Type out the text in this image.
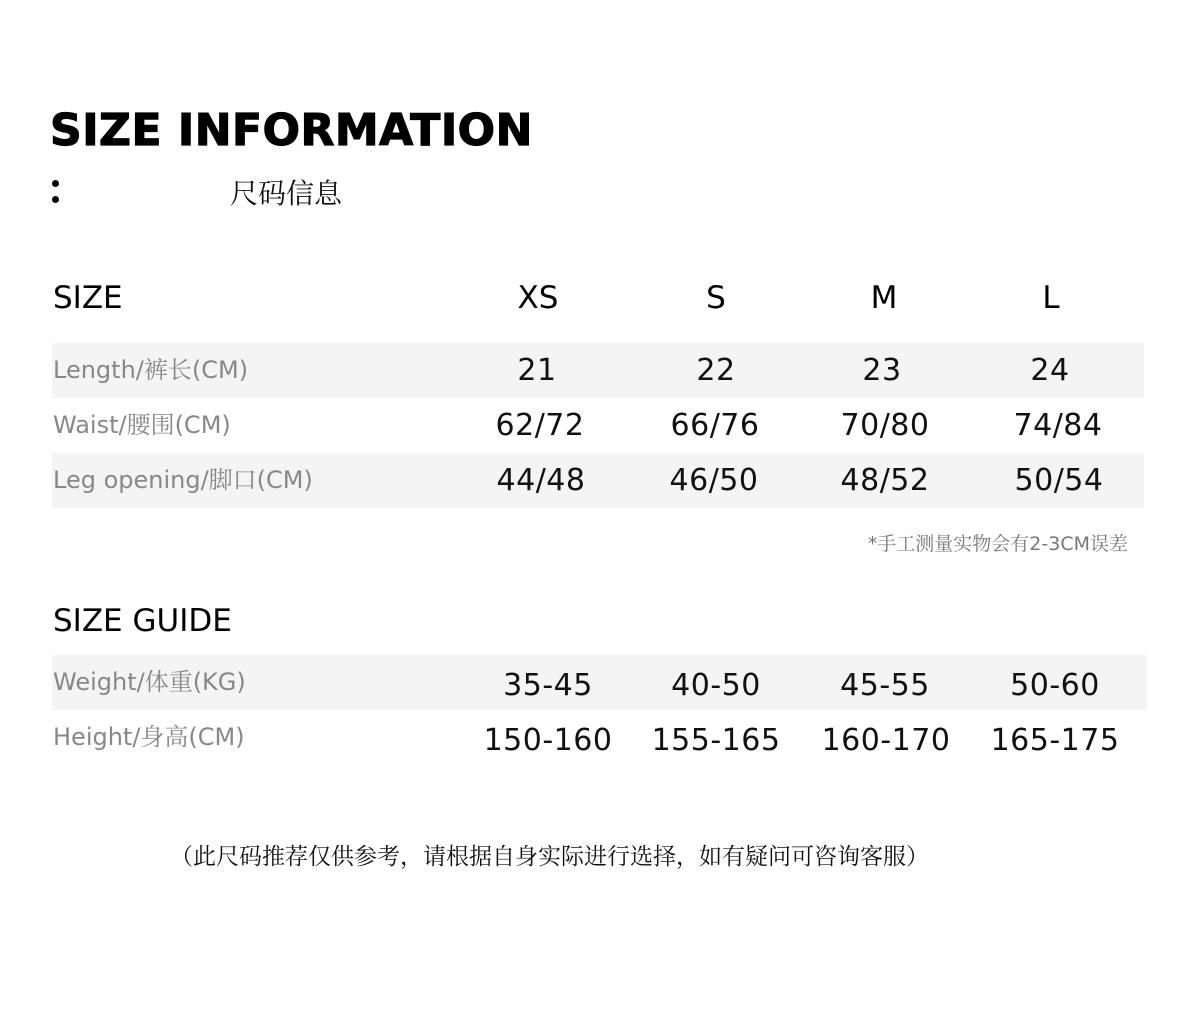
SIZE INFORMATION
尺码信息
SIZE	XS	S	M	L
Length/裤长(CM)	21	22	23	24
Waist/腰围(CM)	62/72	66/76	70/80	74/84
Leg opening/脚口(CM)	44/48	46/50	48/52	50/54
*手工测量实物会有2-3CM误差
SIZE GUIDE
Weight/体重(KG)	35-45	40-50	45-55	50-60
Height/身高(CM)	150-160	155-165	160-170	165-175
（此尺码推荐仅供参考，请根据自身实际进行选择，如有疑问可咨询客服）
